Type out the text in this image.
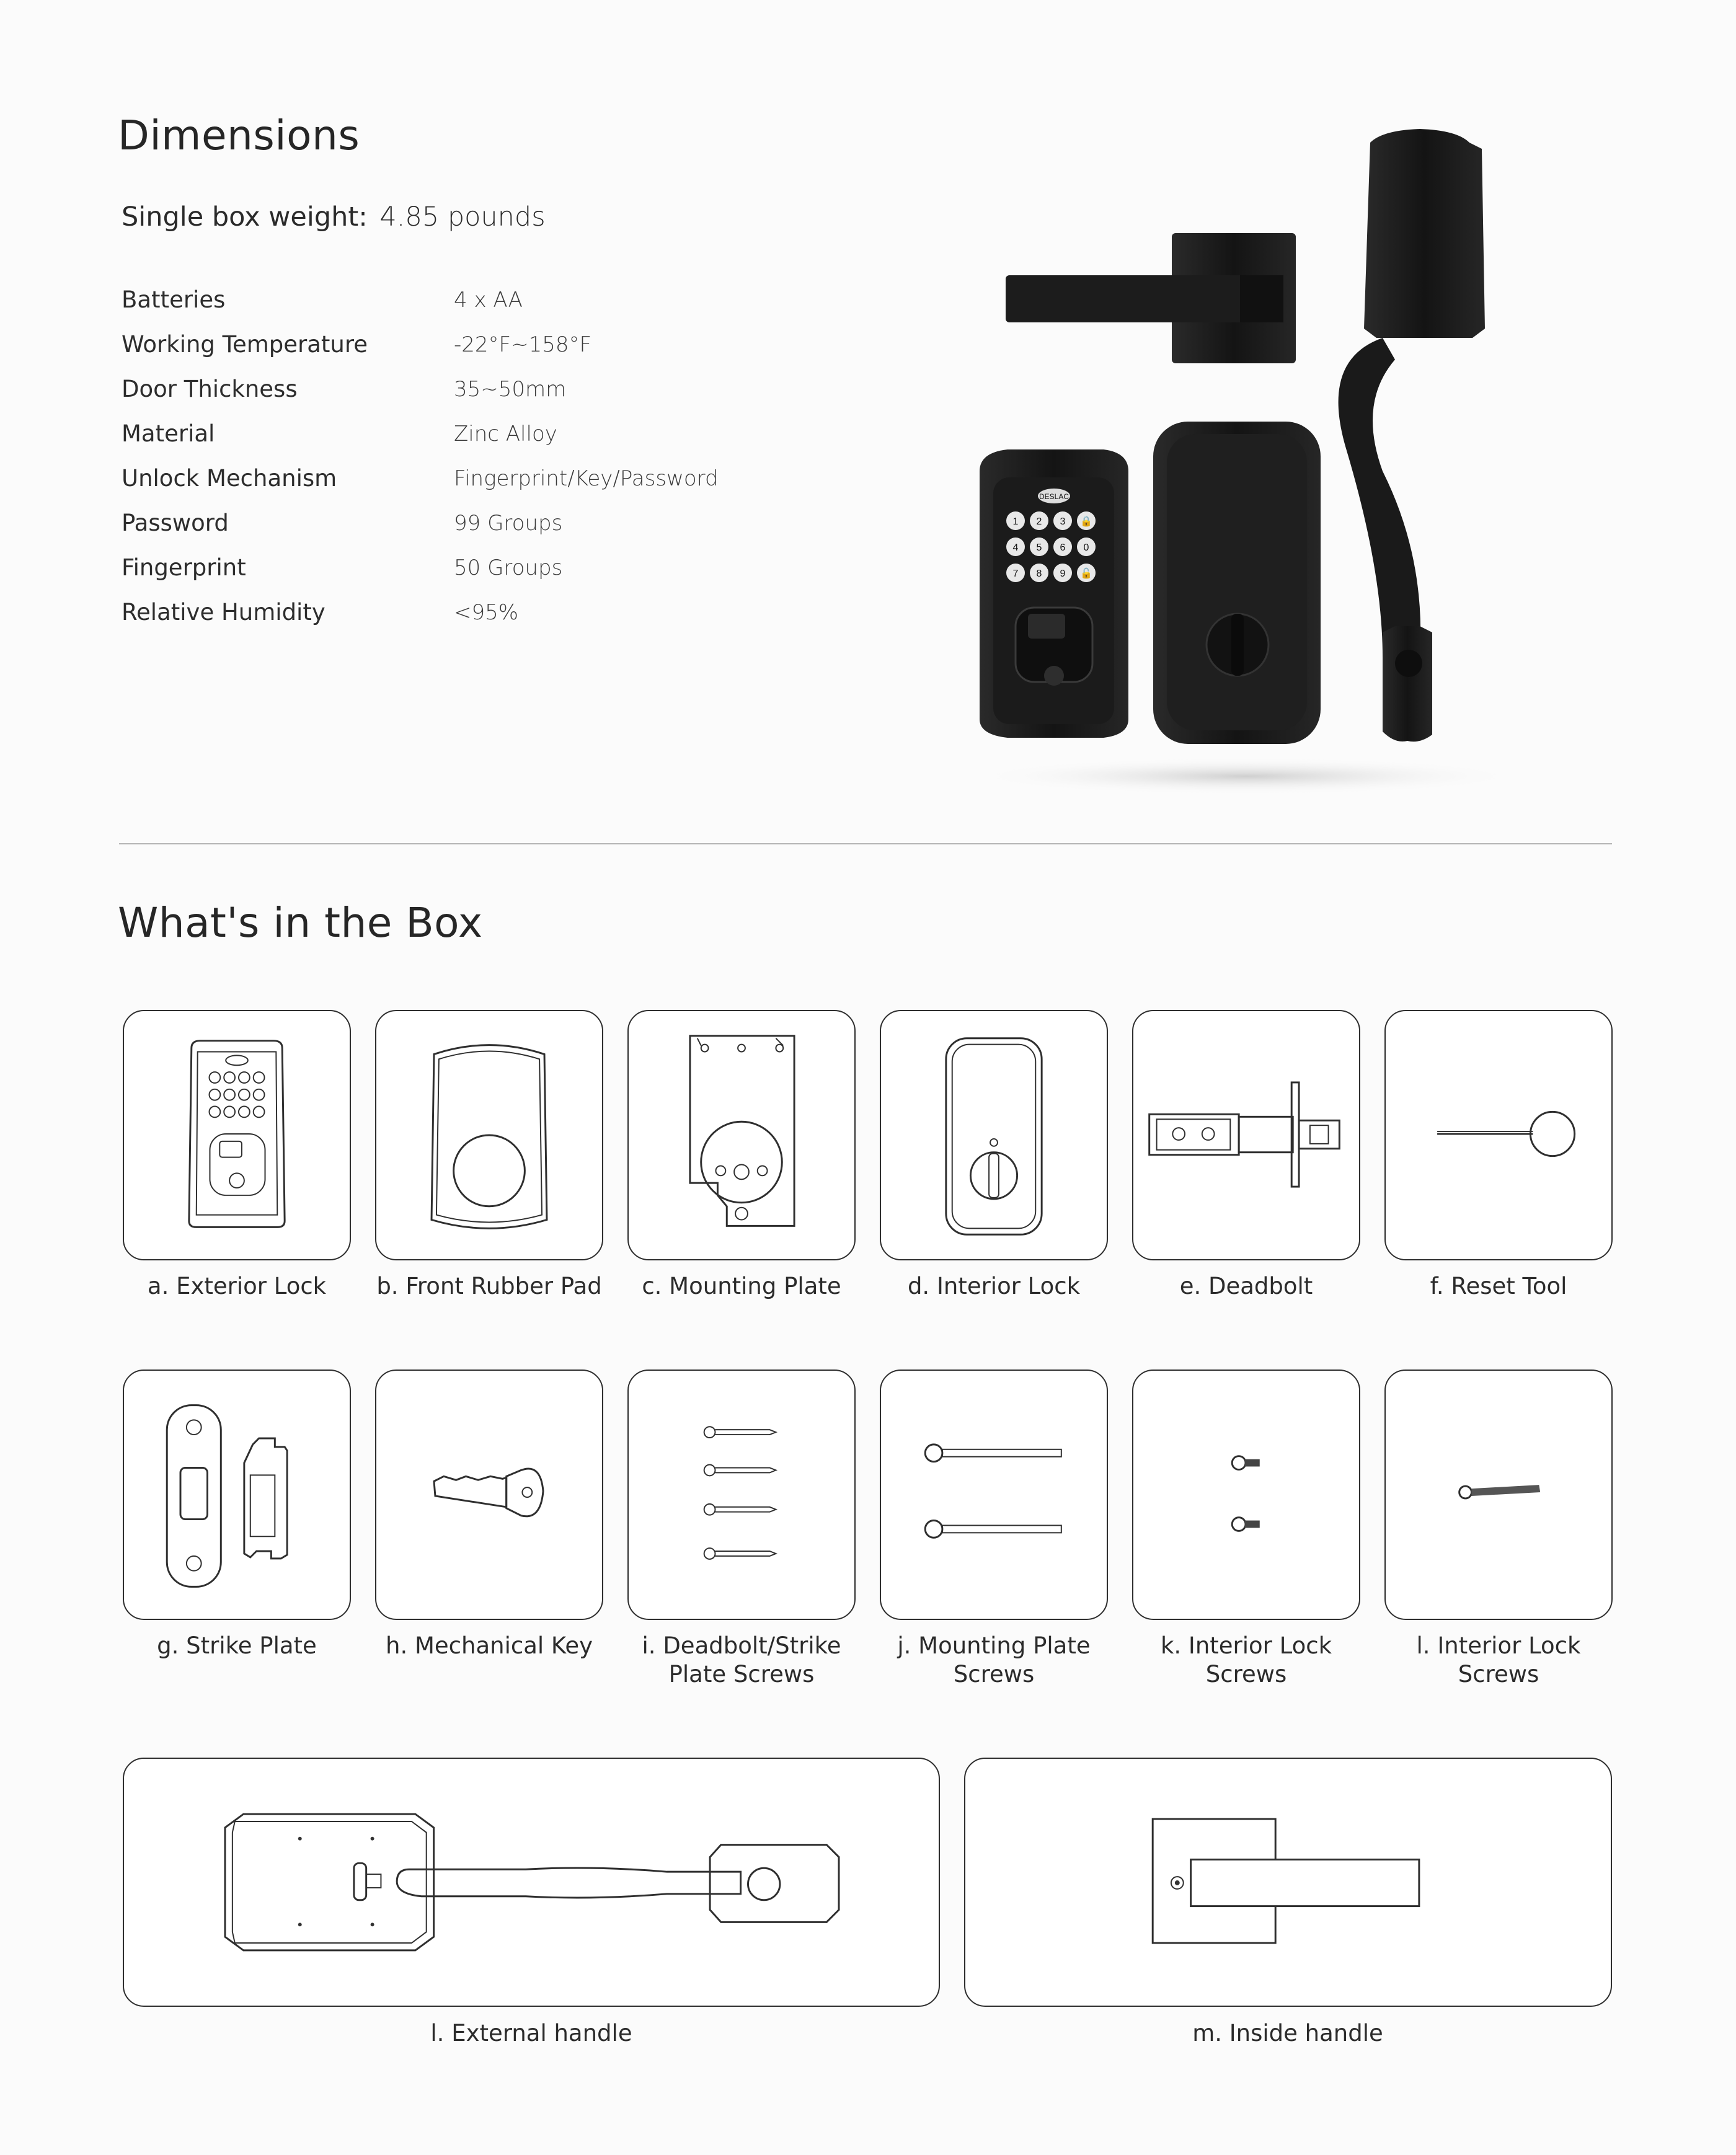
Dimensions
Single box weight: 4.85 pounds
Batteries	4 x AA
Working Temperature	-22°F~158°F
Door Thickness	35~50mm
Material	Zinc Alloy
Unlock Mechanism	Fingerprint/Key/Password
Password	99 Groups
Fingerprint	50 Groups
Relative Humidity	<95%
DESLAC
1 2 3 🔒
4 5 6 0
7 8 9 🔓
What's in the Box
a. Exterior Lock	b. Front Rubber Pad	c. Mounting Plate	d. Interior Lock	e. Deadbolt	f. Reset Tool
g. Strike Plate	h. Mechanical Key	i. Deadbolt/Strike
Plate Screws
j. Mounting Plate
Screws
k. Interior Lock
Screws
l. Interior Lock
Screws
l. External handle	m. Inside handle
